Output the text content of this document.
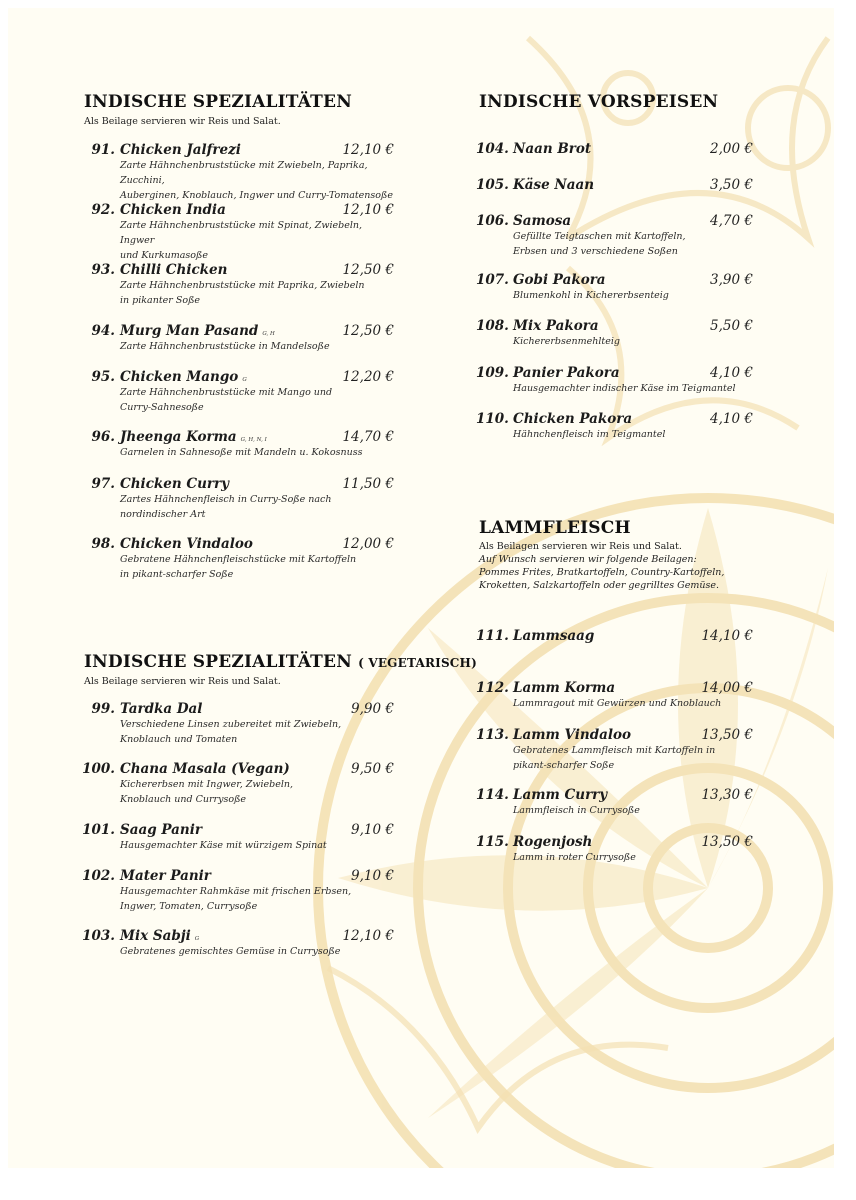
INDISCHE SPEZIALITÄTEN
Als Beilage servieren wir Reis und Salat.
91. Chicken Jalfrezi	12,10 €
Zarte Hähnchenbruststücke mit Zwiebeln, Paprika, Zucchini,
Auberginen, Knoblauch, Ingwer und Curry-Tomatensoße
92. Chicken India	12,10 €
Zarte Hähnchenbruststücke mit Spinat, Zwiebeln, Ingwer
und Kurkumasoße
93. Chilli Chicken	12,50 €
Zarte Hähnchenbruststücke mit Paprika, Zwiebeln
in pikanter Soße
94. Murg Man Pasand G, H	12,50 €
Zarte Hähnchenbruststücke in Mandelsoße
95. Chicken Mango G	12,20 €
Zarte Hähnchenbruststücke mit Mango und
Curry-Sahnesoße
96. Jheenga Korma G, H, N, I	14,70 €
Garnelen in Sahnesoße mit Mandeln u. Kokosnuss
97. Chicken Curry	11,50 €
Zartes Hähnchenfleisch in Curry-Soße nach
nordindischer Art
98. Chicken Vindaloo	12,00 €
Gebratene Hähnchenfleischstücke mit Kartoffeln
in pikant-scharfer Soße
INDISCHE SPEZIALITÄTEN ( VEGETARISCH)
Als Beilage servieren wir Reis und Salat.
99. Tardka Dal	9,90 €
Verschiedene Linsen zubereitet mit Zwiebeln,
Knoblauch und Tomaten
100. Chana Masala (Vegan)	9,50 €
Kichererbsen mit Ingwer, Zwiebeln,
Knoblauch und Currysoße
101. Saag Panir	9,10 €
Hausgemachter Käse mit würzigem Spinat
102. Mater Panir	9,10 €
Hausgemachter Rahmkäse mit frischen Erbsen,
Ingwer, Tomaten, Currysoße
103. Mix Sabji G	12,10 €
Gebratenes gemischtes Gemüse in Currysoße
INDISCHE VORSPEISEN
104. Naan Brot	2,00 €
105. Käse Naan	3,50 €
106. Samosa	4,70 €
Gefüllte Teigtaschen mit Kartoffeln,
Erbsen und 3 verschiedene Soßen
107. Gobi Pakora	3,90 €
Blumenkohl in Kichererbsenteig
108. Mix Pakora	5,50 €
Kichererbsenmehlteig
109. Panier Pakora	4,10 €
Hausgemachter indischer Käse im Teigmantel
110. Chicken Pakora	4,10 €
Hähnchenfleisch im Teigmantel
LAMMFLEISCH
Als Beilagen servieren wir Reis und Salat.
Auf Wunsch servieren wir folgende Beilagen:
Pommes Frites, Bratkartoffeln, Country-Kartoffeln,
Kroketten, Salzkartoffeln oder gegrilltes Gemüse.
111. Lammsaag	14,10 €
112. Lamm Korma	14,00 €
Lammragout mit Gewürzen und Knoblauch
113. Lamm Vindaloo	13,50 €
Gebratenes Lammfleisch mit Kartoffeln in
pikant-scharfer Soße
114. Lamm Curry	13,30 €
Lammfleisch in Currysoße
115. Rogenjosh	13,50 €
Lamm in roter Currysoße
